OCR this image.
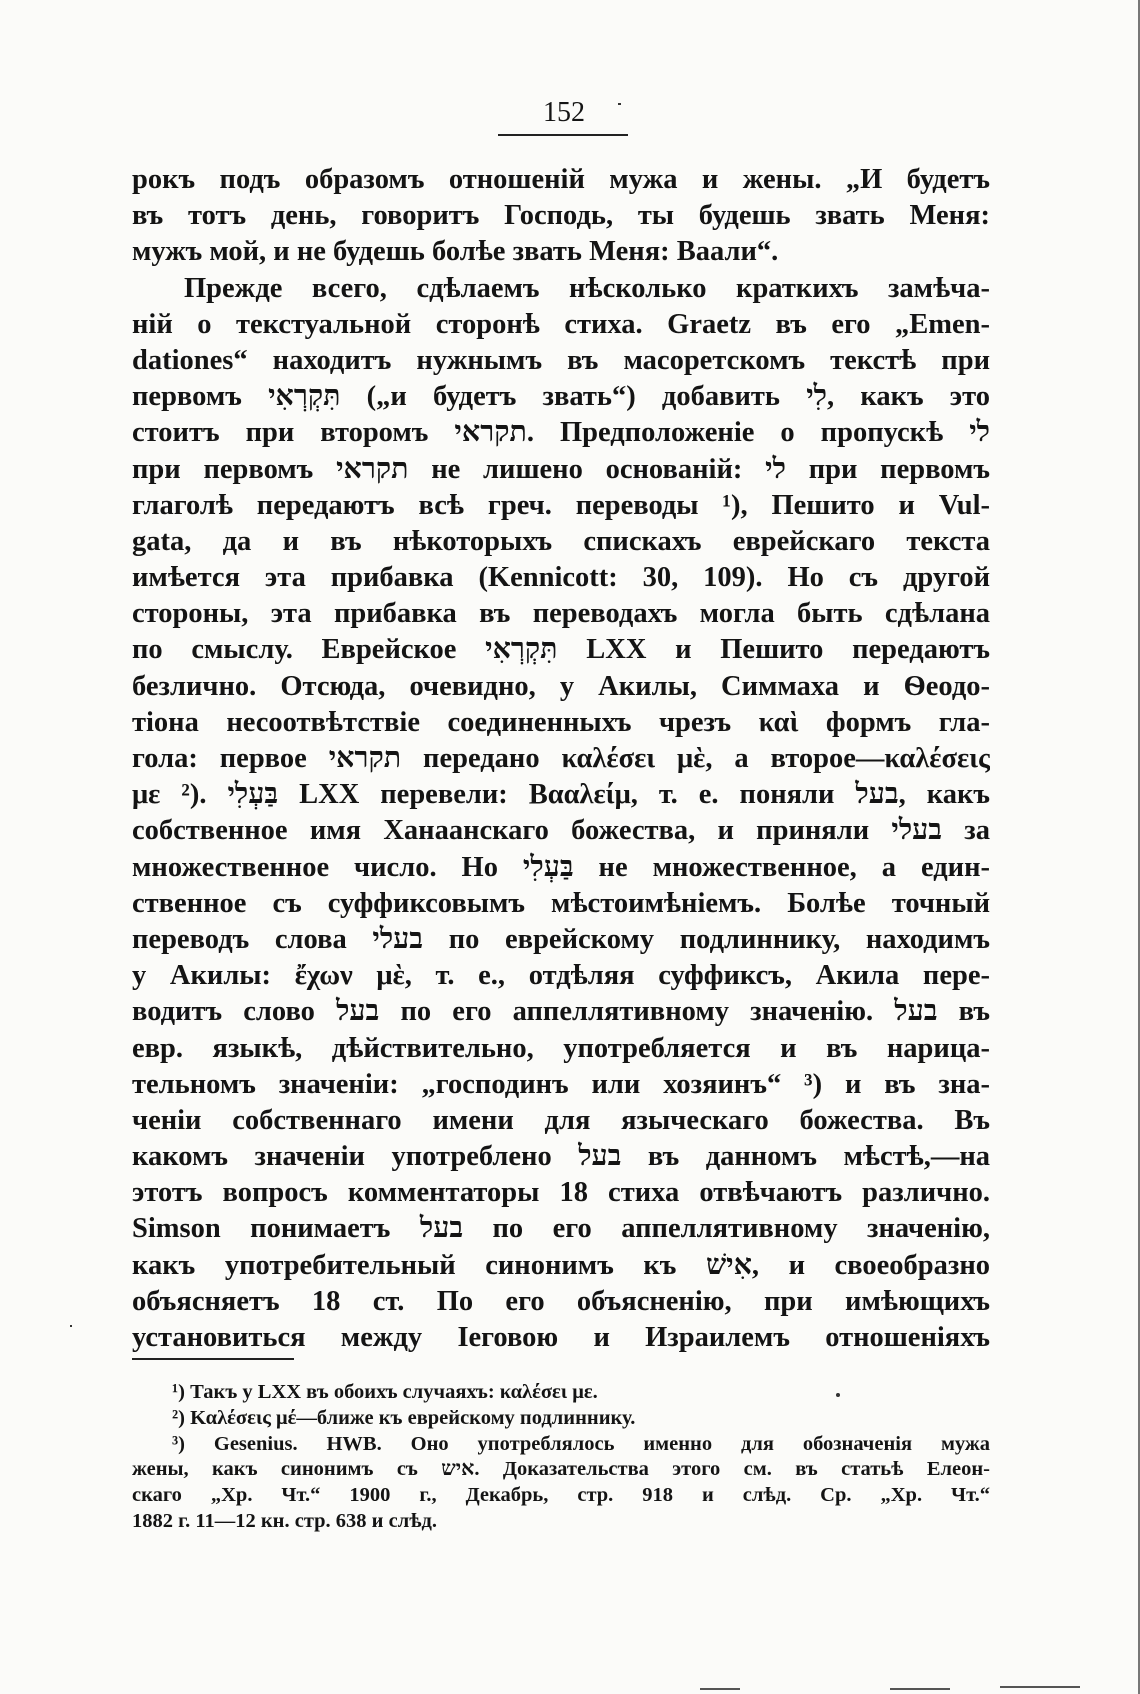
152
рокъ подъ образомъ отношеній мужа и жены. „И будетъ
въ тотъ день, говоритъ Господь, ты будешь звать Меня:
мужъ мой, и не будешь болѣе звать Меня: Ваали“.
Прежде всего, сдѣлаемъ нѣсколько краткихъ замѣча-
ній о текстуальной сторонѣ стиха. Graetz въ его „Emen-
dationes“ находитъ нужнымъ въ масоретскомъ текстѣ при
первомъ תִּקְרְאִי („и будетъ звать“) добавить לִי, какъ это
стоитъ при второмъ תקראי. Предположеніе о пропускѣ לי
при первомъ תקראי не лишено основаній: לי при первомъ
глаголѣ передаютъ всѣ греч. переводы ¹), Пешито и Vul-
gata, да и въ нѣкоторыхъ спискахъ еврейскаго текста
имѣется эта прибавка (Kennicott: 30, 109). Но съ другой
стороны, эта прибавка въ переводахъ могла быть сдѣлана
по смыслу. Еврейское תִּקְרְאִי LXX и Пешито передаютъ
безлично. Отсюда, очевидно, у Акилы, Симмаха и Ѳеодо-
тіона несоотвѣтствіе соединенныхъ чрезъ καὶ формъ гла-
гола: первое תקראי передано καλέσει μὲ, а второе—καλέσεις
με ²). בַּעְלִי LXX перевели: Βααλείμ, т. е. поняли בעל, какъ
собственное имя Ханаанскаго божества, и приняли בעלי за
множественное число. Но בַּעְלִי не множественное, а един-
ственное съ суффиксовымъ мѣстоимѣніемъ. Болѣе точный
переводъ слова בעלי по еврейскому подлиннику, находимъ
у Акилы: ἔχων μὲ, т. е., отдѣляя суффиксъ, Акила пере-
водитъ слово בעל по его аппеллятивному значенію. בעל въ
евр. языкѣ, дѣйствительно, употребляется и въ нарица-
тельномъ значеніи: „господинъ или хозяинъ“ ³) и въ зна-
ченіи собственнаго имени для языческаго божества. Въ
какомъ значеніи употреблено בעל въ данномъ мѣстѣ,—на
этотъ вопросъ комментаторы 18 стиха отвѣчаютъ различно.
Simson понимаетъ בעל по его аппеллятивному значенію,
какъ употребительный синонимъ къ אִישׁ, и своеобразно
объясняетъ 18 ст. По его объясненію, при имѣющихъ
установиться между Іеговою и Израилемъ отношеніяхъ
¹) Такъ у LXX въ обоихъ случаяхъ: καλέσει με.
²) Καλέσεις μέ—ближе къ еврейскому подлиннику.
³) Gesenius. HWB. Оно употреблялось именно для обозначенія мужа
жены, какъ синонимъ съ איש. Доказательства этого см. въ статьѣ Елеон-
скаго „Хр. Чт.“ 1900 г., Декабрь, стр. 918 и слѣд. Ср. „Хр. Чт.“
1882 г. 11—12 кн. стр. 638 и слѣд.
